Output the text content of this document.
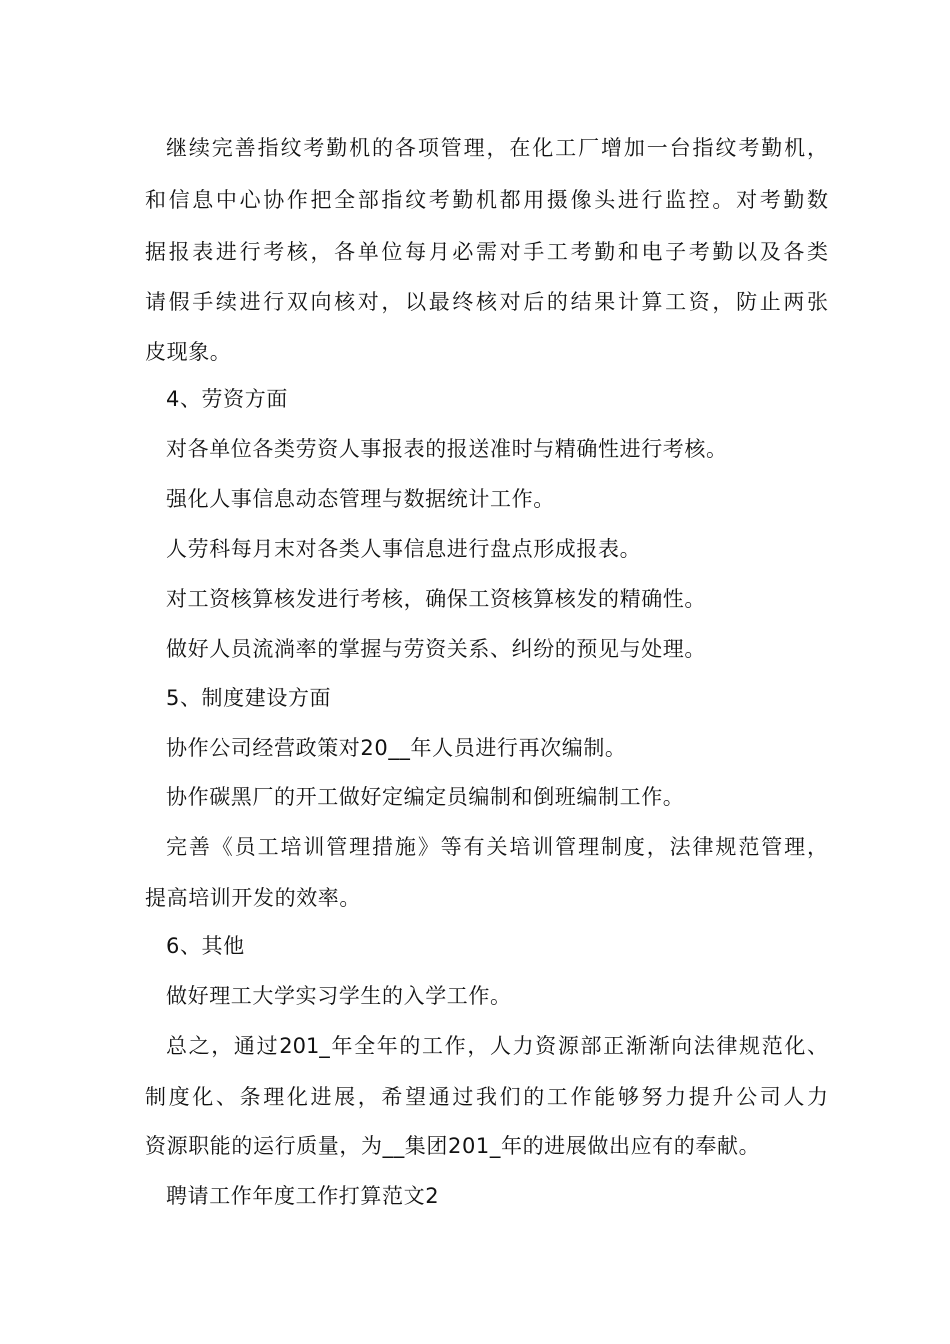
继续完善指纹考勤机的各项管理，在化工厂增加一台指纹考勤机，
和信息中心协作把全部指纹考勤机都用摄像头进行监控。对考勤数
据报表进行考核，各单位每月必需对手工考勤和电子考勤以及各类
请假手续进行双向核对，以最终核对后的结果计算工资，防止两张
皮现象。
4、劳资方面
对各单位各类劳资人事报表的报送准时与精确性进行考核。
强化人事信息动态管理与数据统计工作。
人劳科每月末对各类人事信息进行盘点形成报表。
对工资核算核发进行考核，确保工资核算核发的精确性。
做好人员流淌率的掌握与劳资关系、纠纷的预见与处理。
5、制度建设方面
协作公司经营政策对20__年人员进行再次编制。
协作碳黑厂的开工做好定编定员编制和倒班编制工作。
完善《员工培训管理措施》等有关培训管理制度，法律规范管理，
提高培训开发的效率。
6、其他
做好理工大学实习学生的入学工作。
总之，通过201_年全年的工作，人力资源部正渐渐向法律规范化、
制度化、条理化进展，希望通过我们的工作能够努力提升公司人力
资源职能的运行质量，为__集团201_年的进展做出应有的奉献。
聘请工作年度工作打算范文2
